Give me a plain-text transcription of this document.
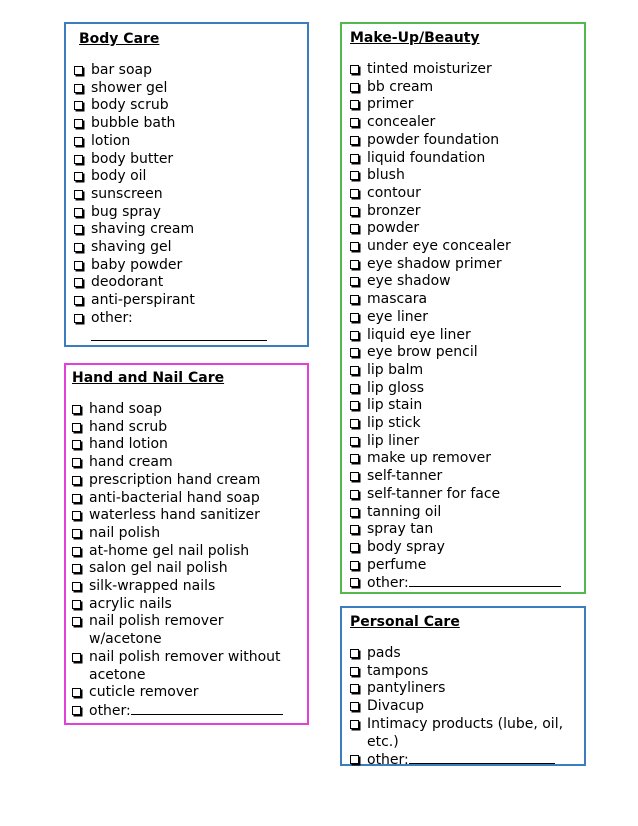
Body Care
bar soap
shower gel
body scrub
bubble bath
lotion
body butter
body oil
sunscreen
bug spray
shaving cream
shaving gel
baby powder
deodorant
anti-perspirant
other:

Hand and Nail Care
hand soap
hand scrub
hand lotion
hand cream
prescription hand cream
anti-bacterial hand soap
waterless hand sanitizer
nail polish
at-home gel nail polish
salon gel nail polish
silk-wrapped nails
acrylic nails
nail polish remover w/acetone
nail polish remover without acetone
cuticle remover
other:
Make-Up/Beauty
tinted moisturizer
bb cream
primer
concealer
powder foundation
liquid foundation
blush
contour
bronzer
powder
under eye concealer
eye shadow primer
eye shadow
mascara
eye liner
liquid eye liner
eye brow pencil
lip balm
lip gloss
lip stain
lip stick
lip liner
make up remover
self-tanner
self-tanner for face
tanning oil
spray tan
body spray
perfume
other:
Personal Care
pads
tampons
pantyliners
Divacup
Intimacy products (lube, oil, etc.)
other:
